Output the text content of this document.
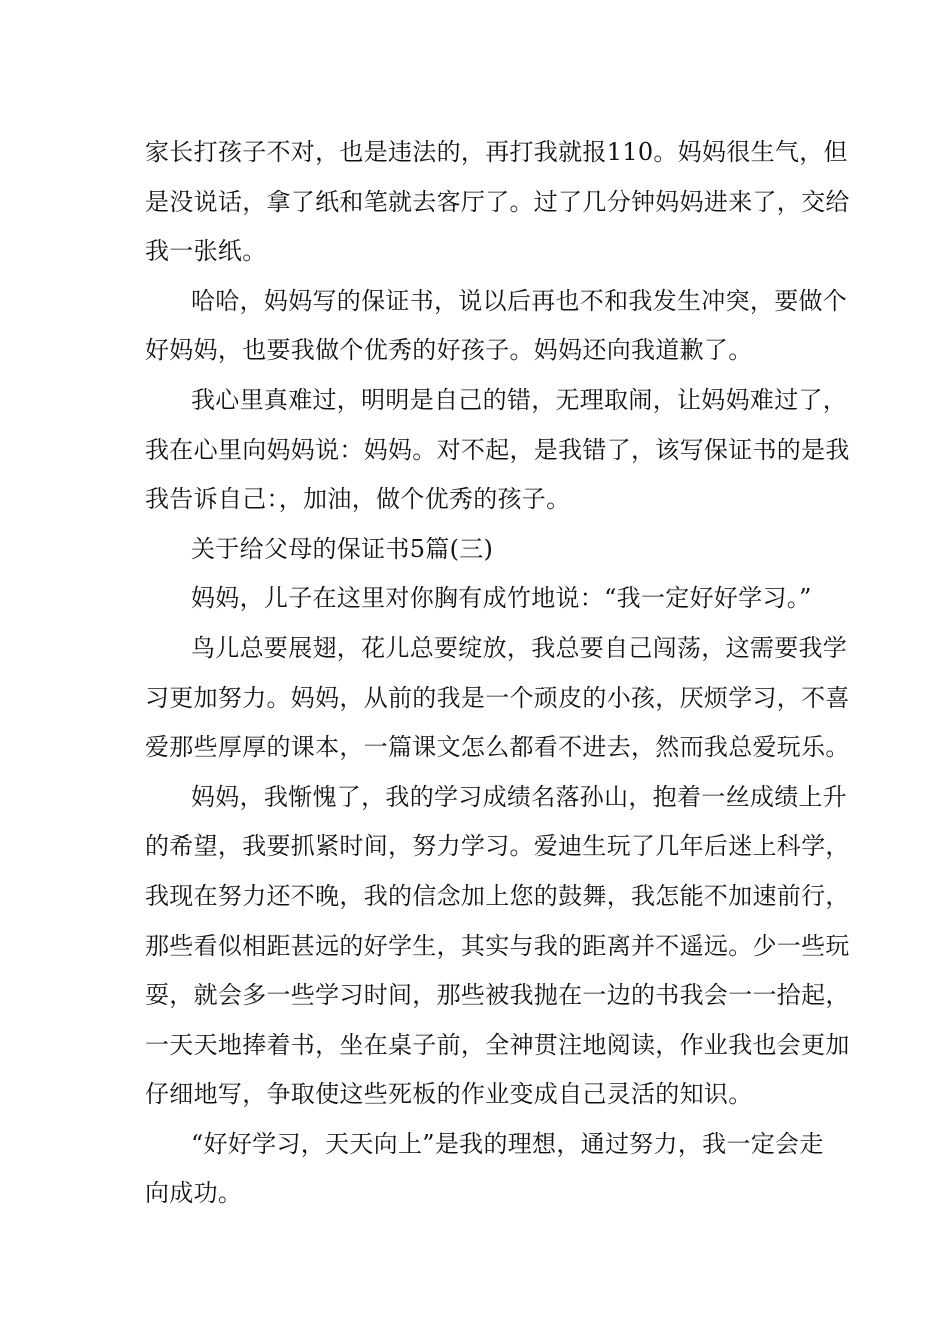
家长打孩子不对，也是违法的，再打我就报110。妈妈很生气，但
是没说话，拿了纸和笔就去客厅了。过了几分钟妈妈进来了，交给
我一张纸。
哈哈，妈妈写的保证书，说以后再也不和我发生冲突，要做个
好妈妈，也要我做个优秀的好孩子。妈妈还向我道歉了。
我心里真难过，明明是自己的错，无理取闹，让妈妈难过了，
我在心里向妈妈说：妈妈。对不起，是我错了，该写保证书的是我
我告诉自己：，加油，做个优秀的孩子。
关于给父母的保证书5篇(三)
妈妈，儿子在这里对你胸有成竹地说：“我一定好好学习。”
鸟儿总要展翅，花儿总要绽放，我总要自己闯荡，这需要我学
习更加努力。妈妈，从前的我是一个顽皮的小孩，厌烦学习，不喜
爱那些厚厚的课本，一篇课文怎么都看不进去，然而我总爱玩乐。
妈妈，我惭愧了，我的学习成绩名落孙山，抱着一丝成绩上升
的希望，我要抓紧时间，努力学习。爱迪生玩了几年后迷上科学，
我现在努力还不晚，我的信念加上您的鼓舞，我怎能不加速前行，
那些看似相距甚远的好学生，其实与我的距离并不遥远。少一些玩
耍，就会多一些学习时间，那些被我抛在一边的书我会一一拾起，
一天天地捧着书，坐在桌子前，全神贯注地阅读，作业我也会更加
仔细地写，争取使这些死板的作业变成自己灵活的知识。
“好好学习，天天向上”是我的理想，通过努力，我一定会走
向成功。
